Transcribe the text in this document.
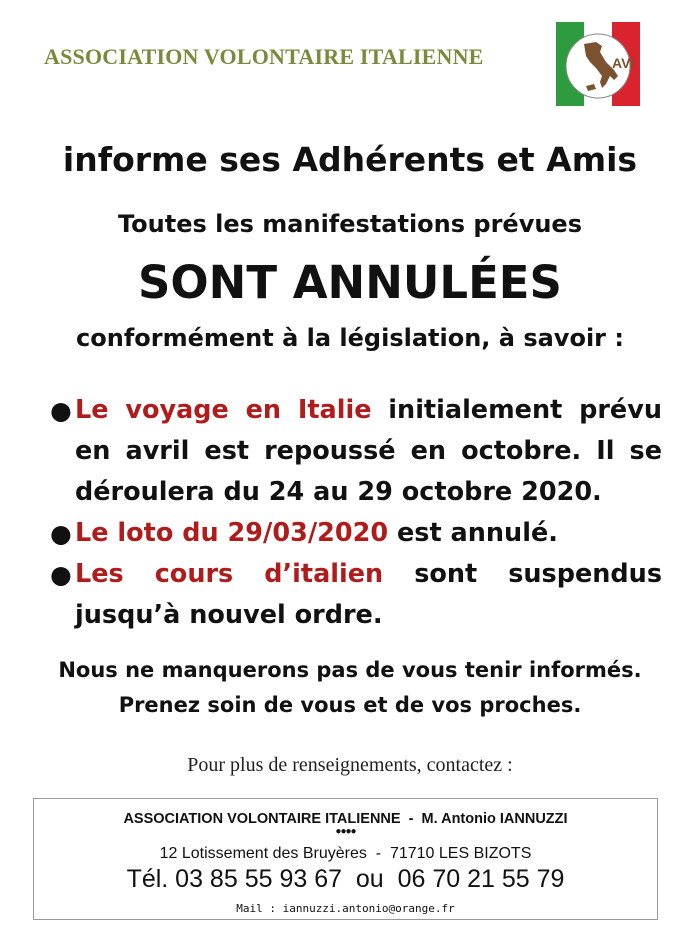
ASSOCIATION VOLONTAIRE ITALIENNE	AVI
informe ses Adhérents et Amis
Toutes les manifestations prévues
SONT ANNULÉES
conformément à la législation, à savoir :
● Le voyage en Italie initialement prévu en avril est repoussé en octobre. Il se déroulera du 24 au 29 octobre 2020.
● Le loto du 29/03/2020 est annulé.
● Les cours d’italien sont suspendus jusqu’à nouvel ordre.
Nous ne manquerons pas de vous tenir informés.
Prenez soin de vous et de vos proches.
Pour plus de renseignements, contactez :
ASSOCIATION VOLONTAIRE ITALIENNE  -  M. Antonio IANNUZZI
●●●●
12 Lotissement des Bruyères  -  71710 LES BIZOTS
Tél. 03 85 55 93 67  ou  06 70 21 55 79
Mail : iannuzzi.antonio@orange.fr
